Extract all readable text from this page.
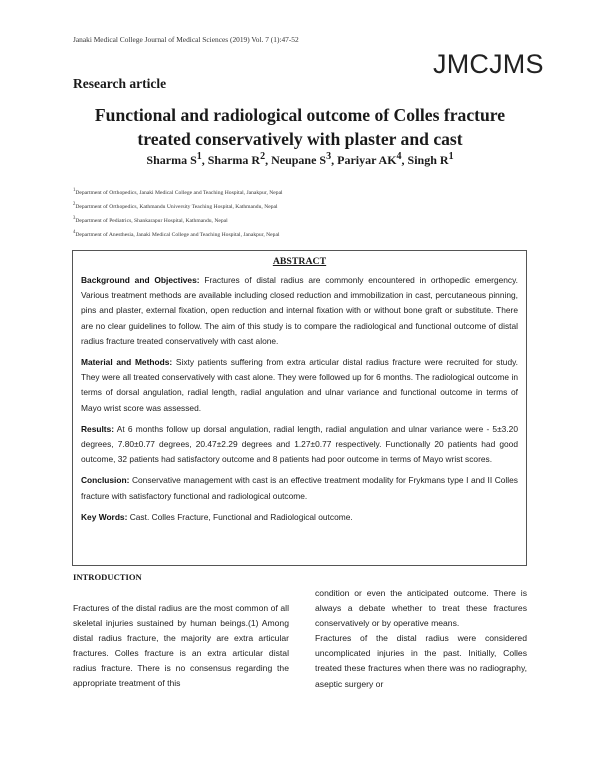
Janaki Medical College Journal of Medical Sciences (2019) Vol. 7 (1):47-52
JMCJMS
Research article
Functional and radiological outcome of Colles fracture
treated conservatively with plaster and cast
Sharma $S^1$, Sharma $R^2$, Neupane $S^3$, Pariyar $AK^4$, Singh $R^1$
$^1$Department of Orthopedics, Janaki Medical College and Teaching Hospital, Janakpur, Nepal
$^2$Department of Orthopedics, Kathmandu University Teaching Hospital, Kathmandu, Nepal
$^3$Department of Pediatrics, Shankarapur Hospital, Kathmandu, Nepal
$^4$Department of Anesthesia, Janaki Medical College and Teaching Hospital, Janakpur, Nepal
ABSTRACT

Background and Objectives: Fractures of distal radius are commonly encountered in orthopedic emergency. Various treatment methods are available including closed reduction and immobilization in cast, percutaneous pinning, pins and plaster, external fixation, open reduction and internal fixation with or without bone graft or substitute. There are no clear guidelines to follow. The aim of this study is to compare the radiological and functional outcome of distal radius fracture treated conservatively with cast alone.

Material and Methods: Sixty patients suffering from extra articular distal radius fracture were recruited for study. They were all treated conservatively with cast alone. They were followed up for 6 months. The radiological outcome in terms of dorsal angulation, radial length, radial angulation and ulnar variance and functional outcome in terms of Mayo wrist score was assessed.

Results: At 6 months follow up dorsal angulation, radial length, radial angulation and ulnar variance were - 5±3.20 degrees, 7.80±0.77 degrees, 20.47±2.29 degrees and 1.27±0.77 respectively. Functionally 20 patients had good outcome, 32 patients had satisfactory outcome and 8 patients had poor outcome in terms of Mayo wrist scores.

Conclusion: Conservative management with cast is an effective treatment modality for Frykmans type I and II Colles fracture with satisfactory functional and radiological outcome.

Key Words: Cast. Colles Fracture, Functional and Radiological outcome.

INTRODUCTION

Fractures of the distal radius are the most common of all skeletal injuries sustained by human beings.(1) Among distal radius fracture, the majority are extra articular fractures. Colles fracture is an extra articular distal radius fracture. There is no consensus regarding the appropriate treatment of this

condition or even the anticipated outcome. There is always a debate whether to treat these fractures conservatively or by operative means.

Fractures of the distal radius were considered uncomplicated injuries in the past. Initially, Colles treated these fractures when there was no radiography, aseptic surgery or
